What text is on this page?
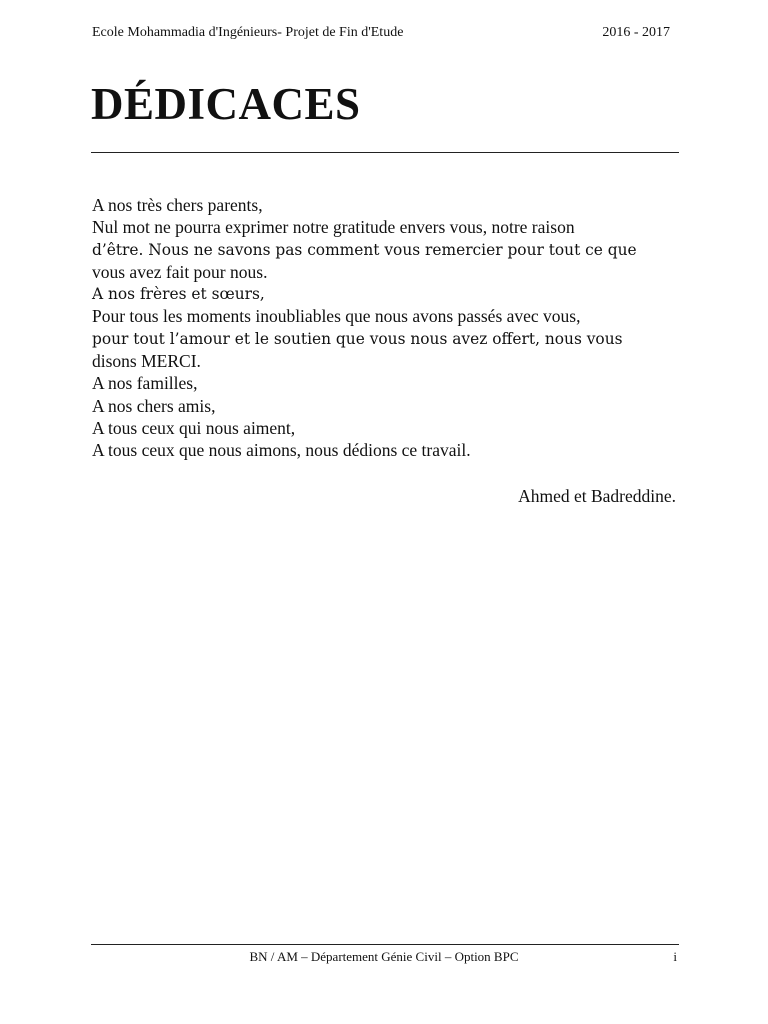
Ecole Mohammadia d'Ingénieurs- Projet de Fin d'Etude	2016 - 2017
DÉDICACES
A nos très chers parents,
Nul mot ne pourra exprimer notre gratitude envers vous, notre raison
d’être. Nous ne savons pas comment vous remercier pour tout ce que
vous avez fait pour nous.
A nos frères et sœurs,
Pour tous les moments inoubliables que nous avons passés avec vous,
pour tout l’amour et le soutien que vous nous avez offert, nous vous
disons MERCI.
A nos familles,
A nos chers amis,
A tous ceux qui nous aiment,
A tous ceux que nous aimons, nous dédions ce travail.
Ahmed et Badreddine.
BN / AM – Département Génie Civil – Option BPC	i
